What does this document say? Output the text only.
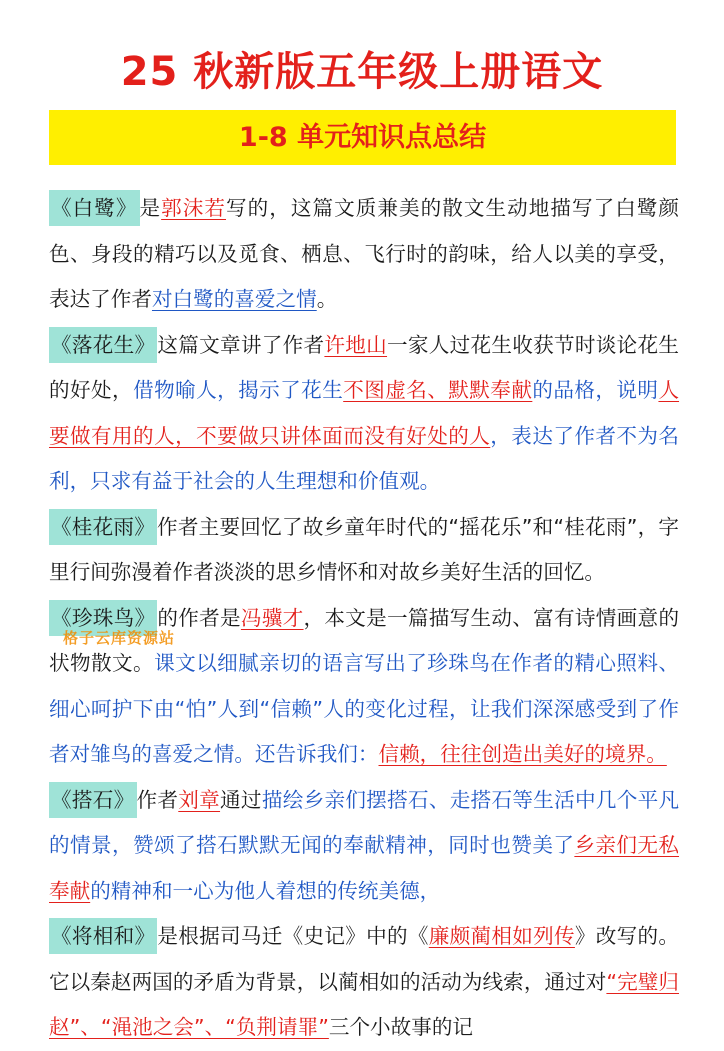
25 秋新版五年级上册语文
1-8 单元知识点总结

《白鹭》是郭沫若写的，这篇文质兼美的散文生动地描写了白鹭颜色、身段的精巧以及觅食、栖息、飞行时的韵味，给人以美的享受，表达了作者对白鹭的喜爱之情。

《落花生》这篇文章讲了作者许地山一家人过花生收获节时谈论花生的好处，借物喻人，揭示了花生不图虚名、默默奉献的品格，说明人要做有用的人，不要做只讲体面而没有好处的人，表达了作者不为名利，只求有益于社会的人生理想和价值观。

《桂花雨》作者主要回忆了故乡童年时代的“摇花乐”和“桂花雨”，字里行间弥漫着作者淡淡的思乡情怀和对故乡美好生活的回忆。

《珍珠鸟》的作者是冯骥才，本文是一篇描写生动、富有诗情画意的状物散文。课文以细腻亲切的语言写出了珍珠鸟在作者的精心照料、细心呵护下由“怕”人到“信赖”人的变化过程，让我们深深感受到了作者对雏鸟的喜爱之情。还告诉我们：信赖，往往创造出美好的境界。

《搭石》作者刘章通过描绘乡亲们摆搭石、走搭石等生活中几个平凡的情景，赞颂了搭石默默无闻的奉献精神，同时也赞美了乡亲们无私奉献的精神和一心为他人着想的传统美德，

《将相和》是根据司马迁《史记》中的《廉颇蔺相如列传》改写的。它以秦赵两国的矛盾为背景，以蔺相如的活动为线索，通过对“完璧归赵”、“渑池之会”、“负荆请罪”三个小故事的记

格子云库资源站
